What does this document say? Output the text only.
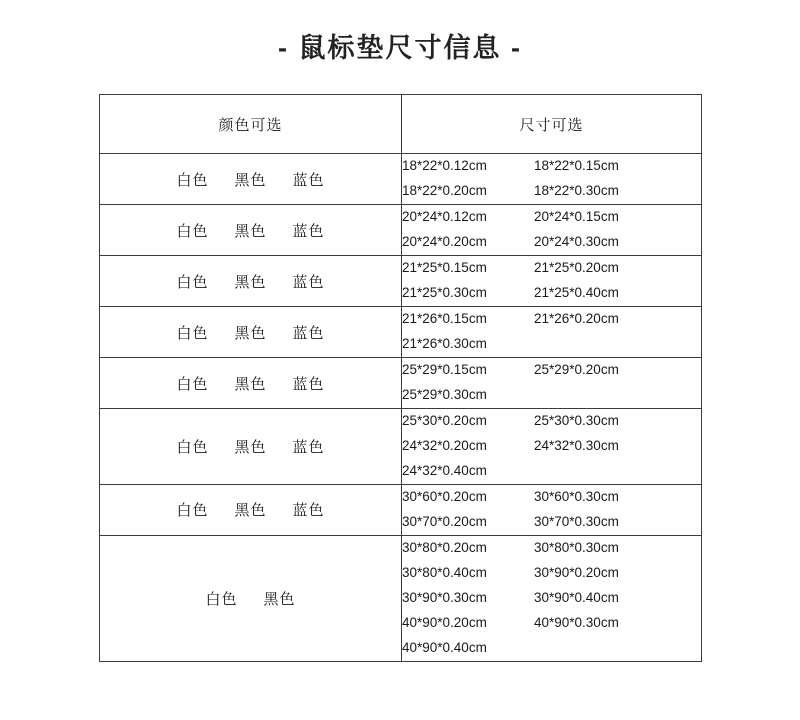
- 鼠标垫尺寸信息 -
颜色可选	尺寸可选
白色 黑色 蓝色	18*22*0.12cm 18*22*0.15cm
18*22*0.20cm 18*22*0.30cm

白色 黑色 蓝色	20*24*0.12cm 20*24*0.15cm
20*24*0.20cm 20*24*0.30cm

白色 黑色 蓝色	21*25*0.15cm 21*25*0.20cm
21*25*0.30cm 21*25*0.40cm

白色 黑色 蓝色	21*26*0.15cm 21*26*0.20cm
21*26*0.30cm

白色 黑色 蓝色	25*29*0.15cm 25*29*0.20cm
25*29*0.30cm

白色 黑色 蓝色	25*30*0.20cm 25*30*0.30cm
24*32*0.20cm 24*32*0.30cm
24*32*0.40cm

白色 黑色 蓝色	30*60*0.20cm 30*60*0.30cm
30*70*0.20cm 30*70*0.30cm

白色 黑色	30*80*0.20cm 30*80*0.30cm
30*80*0.40cm 30*90*0.20cm
30*90*0.30cm 30*90*0.40cm
40*90*0.20cm 40*90*0.30cm
40*90*0.40cm
